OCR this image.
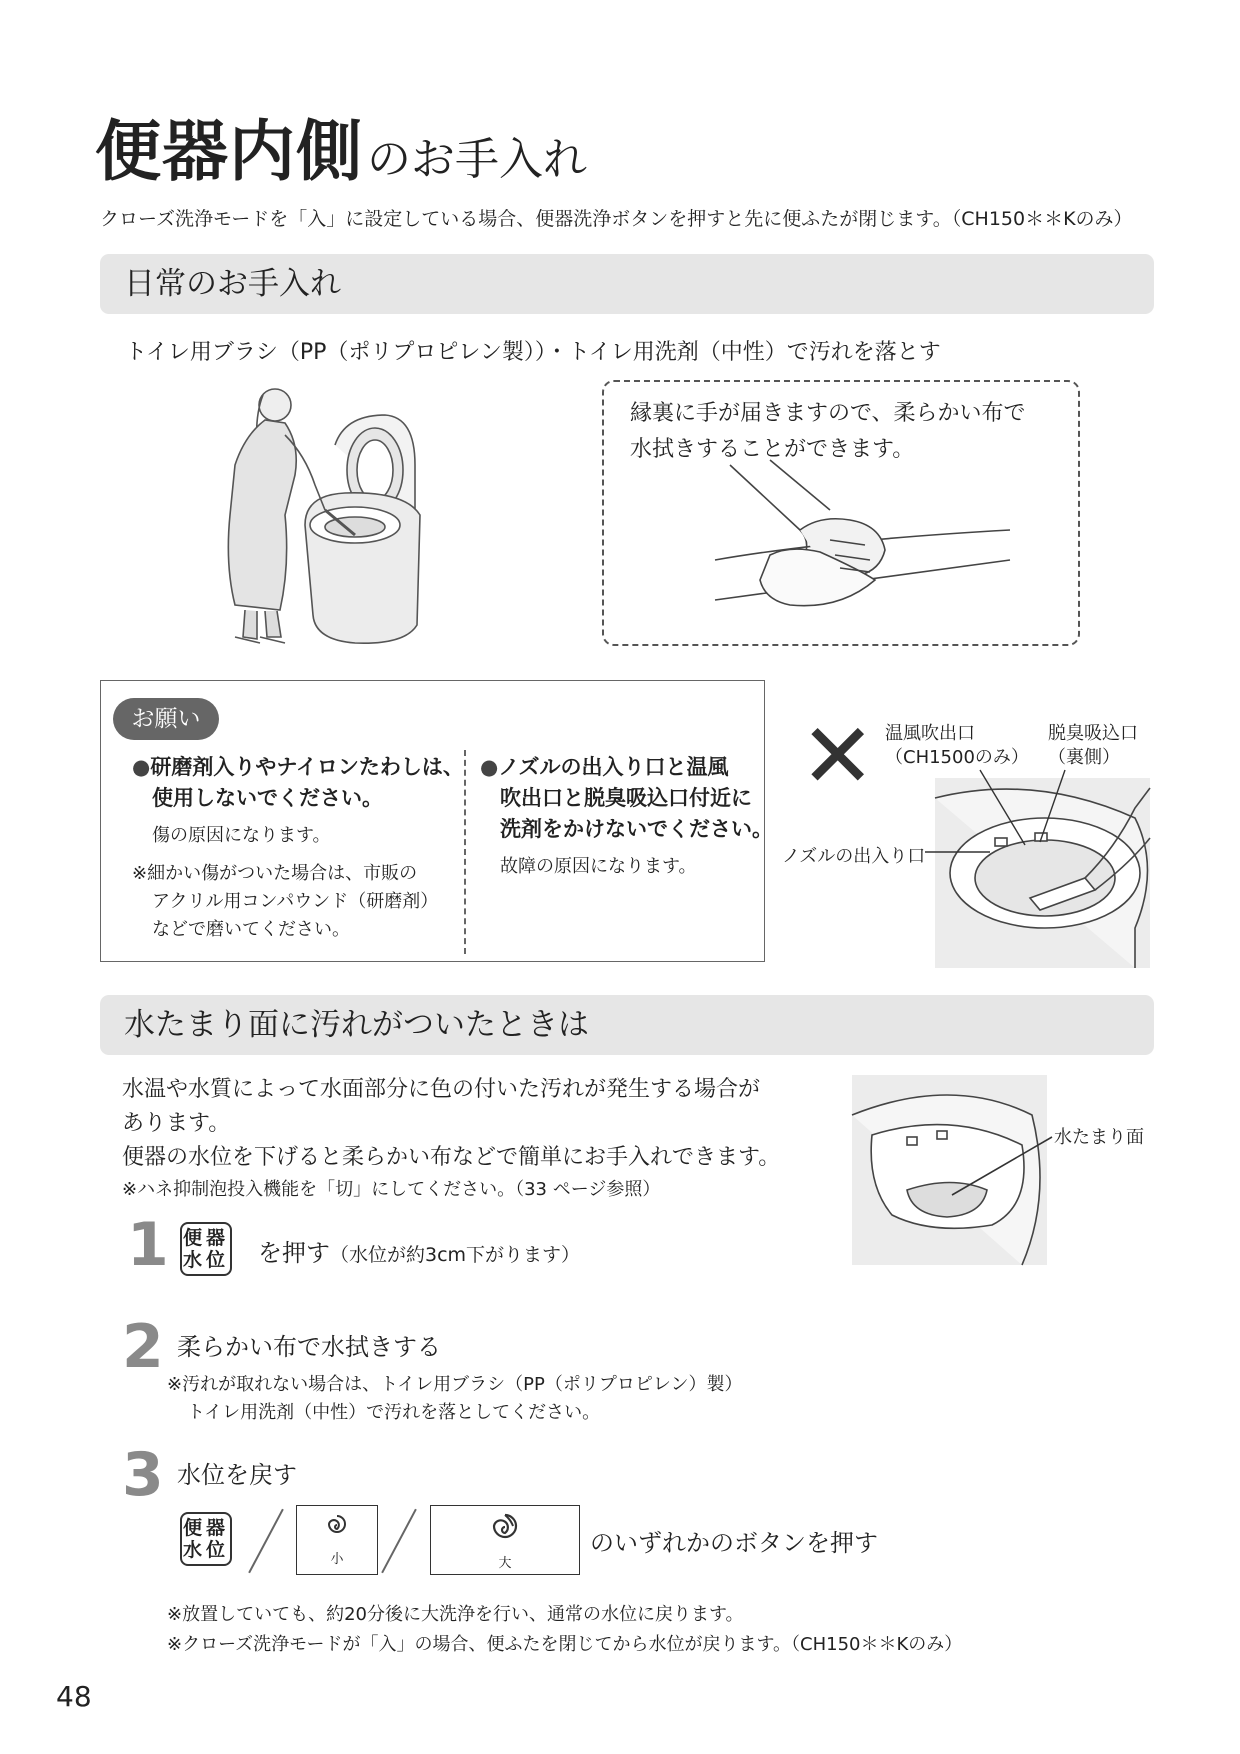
便器内側のお手入れ
クローズ洗浄モードを「入」に設定している場合、便器洗浄ボタンを押すと先に便ふたが閉じます。（CH150＊＊Kのみ）
日常のお手入れ
トイレ用ブラシ（PP（ポリプロピレン製））・トイレ用洗剤（中性）で汚れを落とす
縁裏に手が届きますので、柔らかい布で
水拭きすることができます。
お願い
●研磨剤入りやナイロンたわしは、
使用しないでください。
傷の原因になります。
※細かい傷がついた場合は、市販の
アクリル用コンパウンド（研磨剤）
などで磨いてください。
●ノズルの出入り口と温風
吹出口と脱臭吸込口付近に
洗剤をかけないでください。
故障の原因になります。
✕ 温風吹出口
（CH1500のみ）
脱臭吸込口
（裏側）
ノズルの出入り口
水たまり面に汚れがついたときは
水温や水質によって水面部分に色の付いた汚れが発生する場合が
あります。
便器の水位を下げると柔らかい布などで簡単にお手入れできます。
※ハネ抑制泡投入機能を「切」にしてください。（33 ページ参照）
水たまり面
1 便器
水位 を押す（水位が約3cm下がります）
2 柔らかい布で水拭きする
※汚れが取れない場合は、トイレ用ブラシ（PP（ポリプロピレン）製）
トイレ用洗剤（中性）で汚れを落としてください。
3 水位を戻す
便器
水位	小	大
のいずれかのボタンを押す
※放置していても、約20分後に大洗浄を行い、通常の水位に戻ります。
※クローズ洗浄モードが「入」の場合、便ふたを閉じてから水位が戻ります。（CH150＊＊Kのみ）
48
